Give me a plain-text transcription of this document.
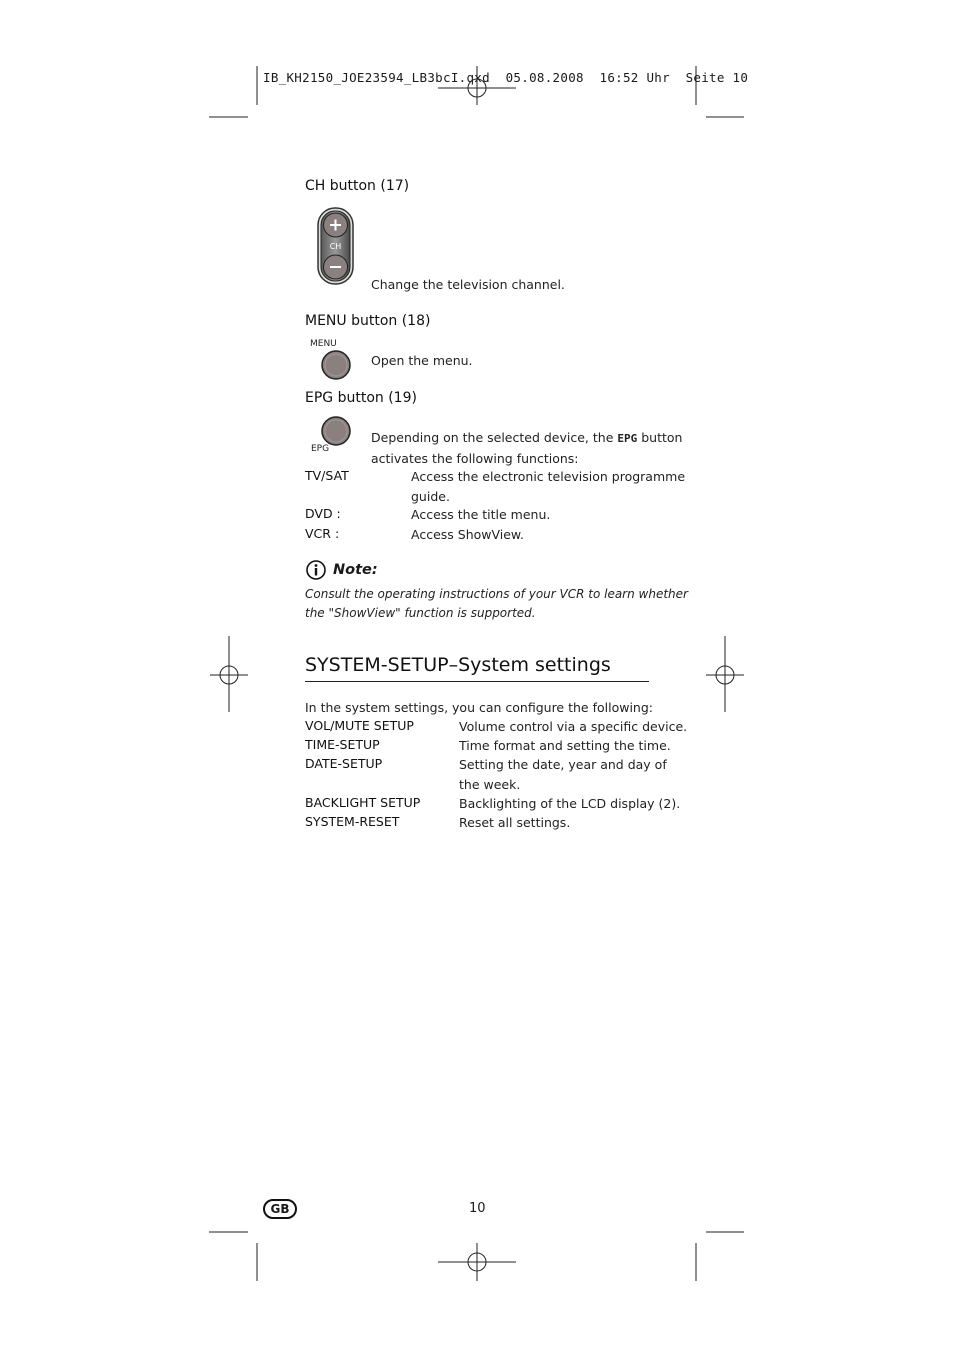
IB_KH2150_JOE23594_LB3bcI.qxd  05.08.2008  16:52 Uhr  Seite 10
CH button (17)
CH
Change the television channel.
MENU button (18)
MENU
Open the menu.
EPG button (19)
EPG
Depending on the selected device, the EPG button
activates the following functions:
TV/SAT	Access the electronic television programme
guide.
DVD :	Access the title menu.
VCR :	Access ShowView.
Note:
Consult the operating instructions of your VCR to learn whether
the "ShowView" function is supported.
SYSTEM-SETUP–System settings
In the system settings, you can configure the following:
VOL/MUTE SETUP	Volume control via a specific device.
TIME-SETUP	Time format and setting the time.
DATE-SETUP	Setting the date, year and day of
the week.
BACKLIGHT SETUP	Backlighting of the LCD display (2).
SYSTEM-RESET	Reset all settings.
GB	10
